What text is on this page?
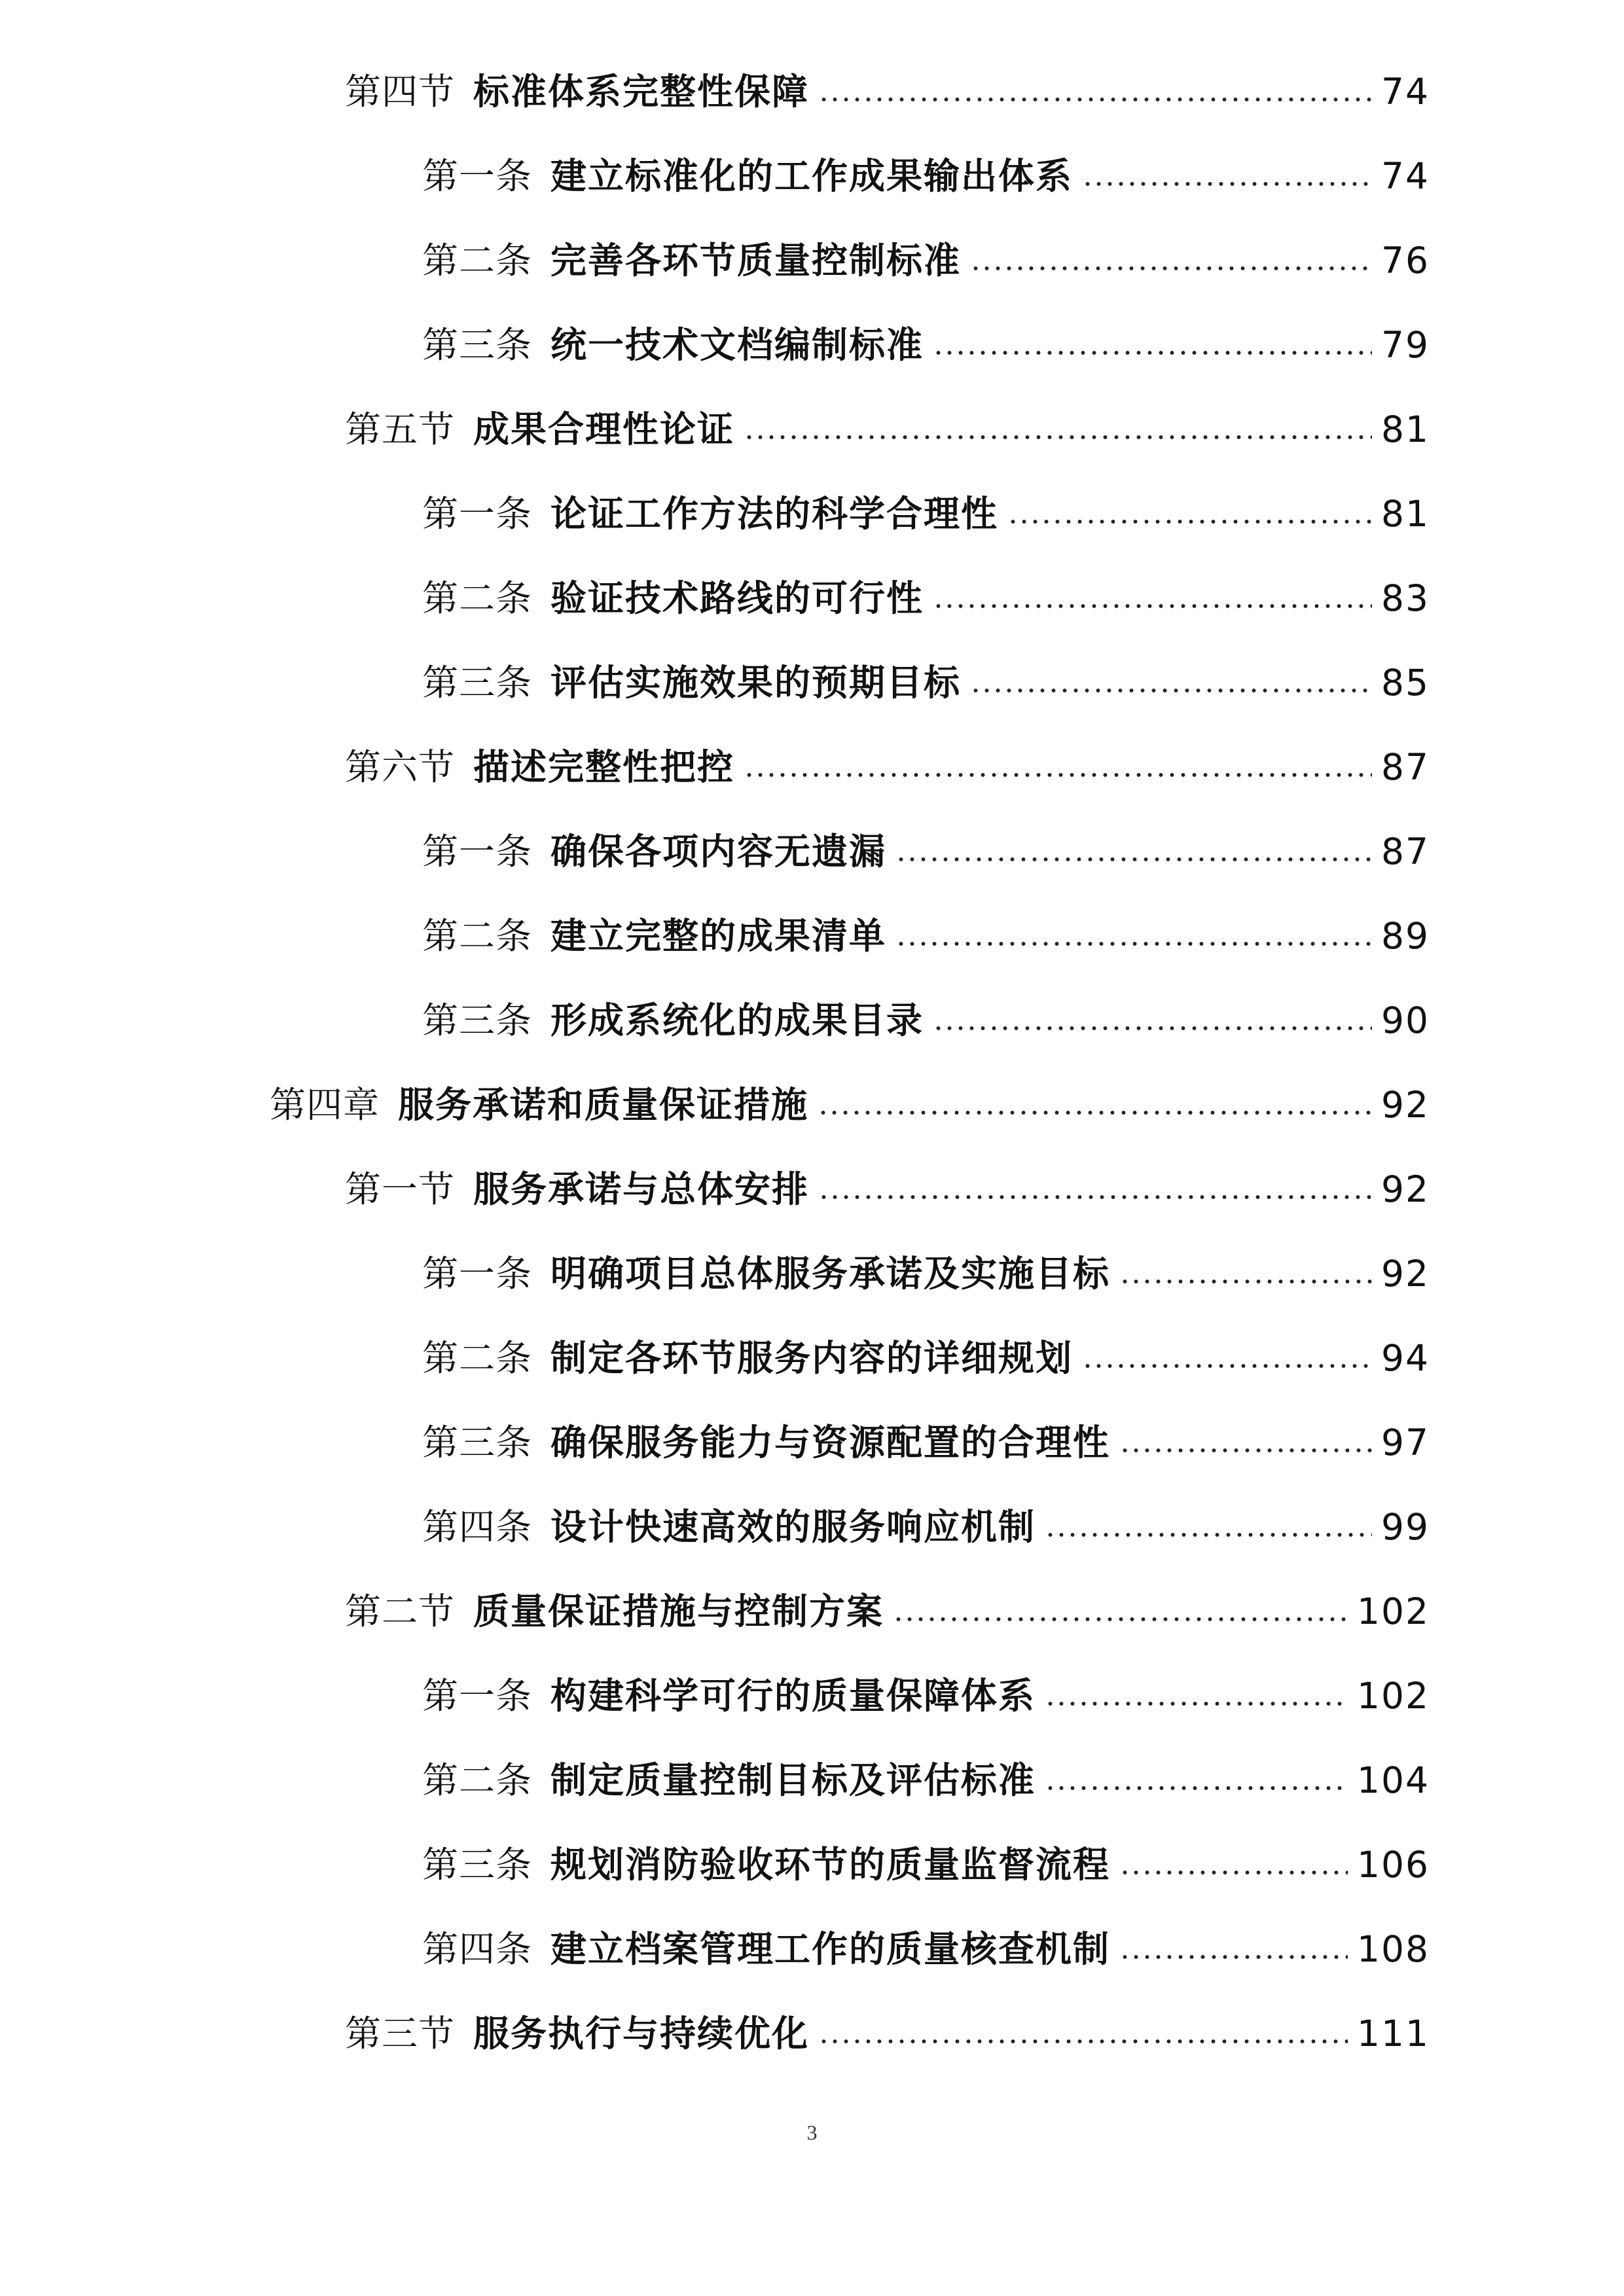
第四节 标准体系完整性保障	74
第一条 建立标准化的工作成果输出体系	74
第二条 完善各环节质量控制标准	76
第三条 统一技术文档编制标准	79
第五节 成果合理性论证	81
第一条 论证工作方法的科学合理性	81
第二条 验证技术路线的可行性	83
第三条 评估实施效果的预期目标	85
第六节 描述完整性把控	87
第一条 确保各项内容无遗漏	87
第二条 建立完整的成果清单	89
第三条 形成系统化的成果目录	90
第四章 服务承诺和质量保证措施	92
第一节 服务承诺与总体安排	92
第一条 明确项目总体服务承诺及实施目标	92
第二条 制定各环节服务内容的详细规划	94
第三条 确保服务能力与资源配置的合理性	97
第四条 设计快速高效的服务响应机制	99
第二节 质量保证措施与控制方案	102
第一条 构建科学可行的质量保障体系	102
第二条 制定质量控制目标及评估标准	104
第三条 规划消防验收环节的质量监督流程	106
第四条 建立档案管理工作的质量核查机制	108
第三节 服务执行与持续优化	111
3
